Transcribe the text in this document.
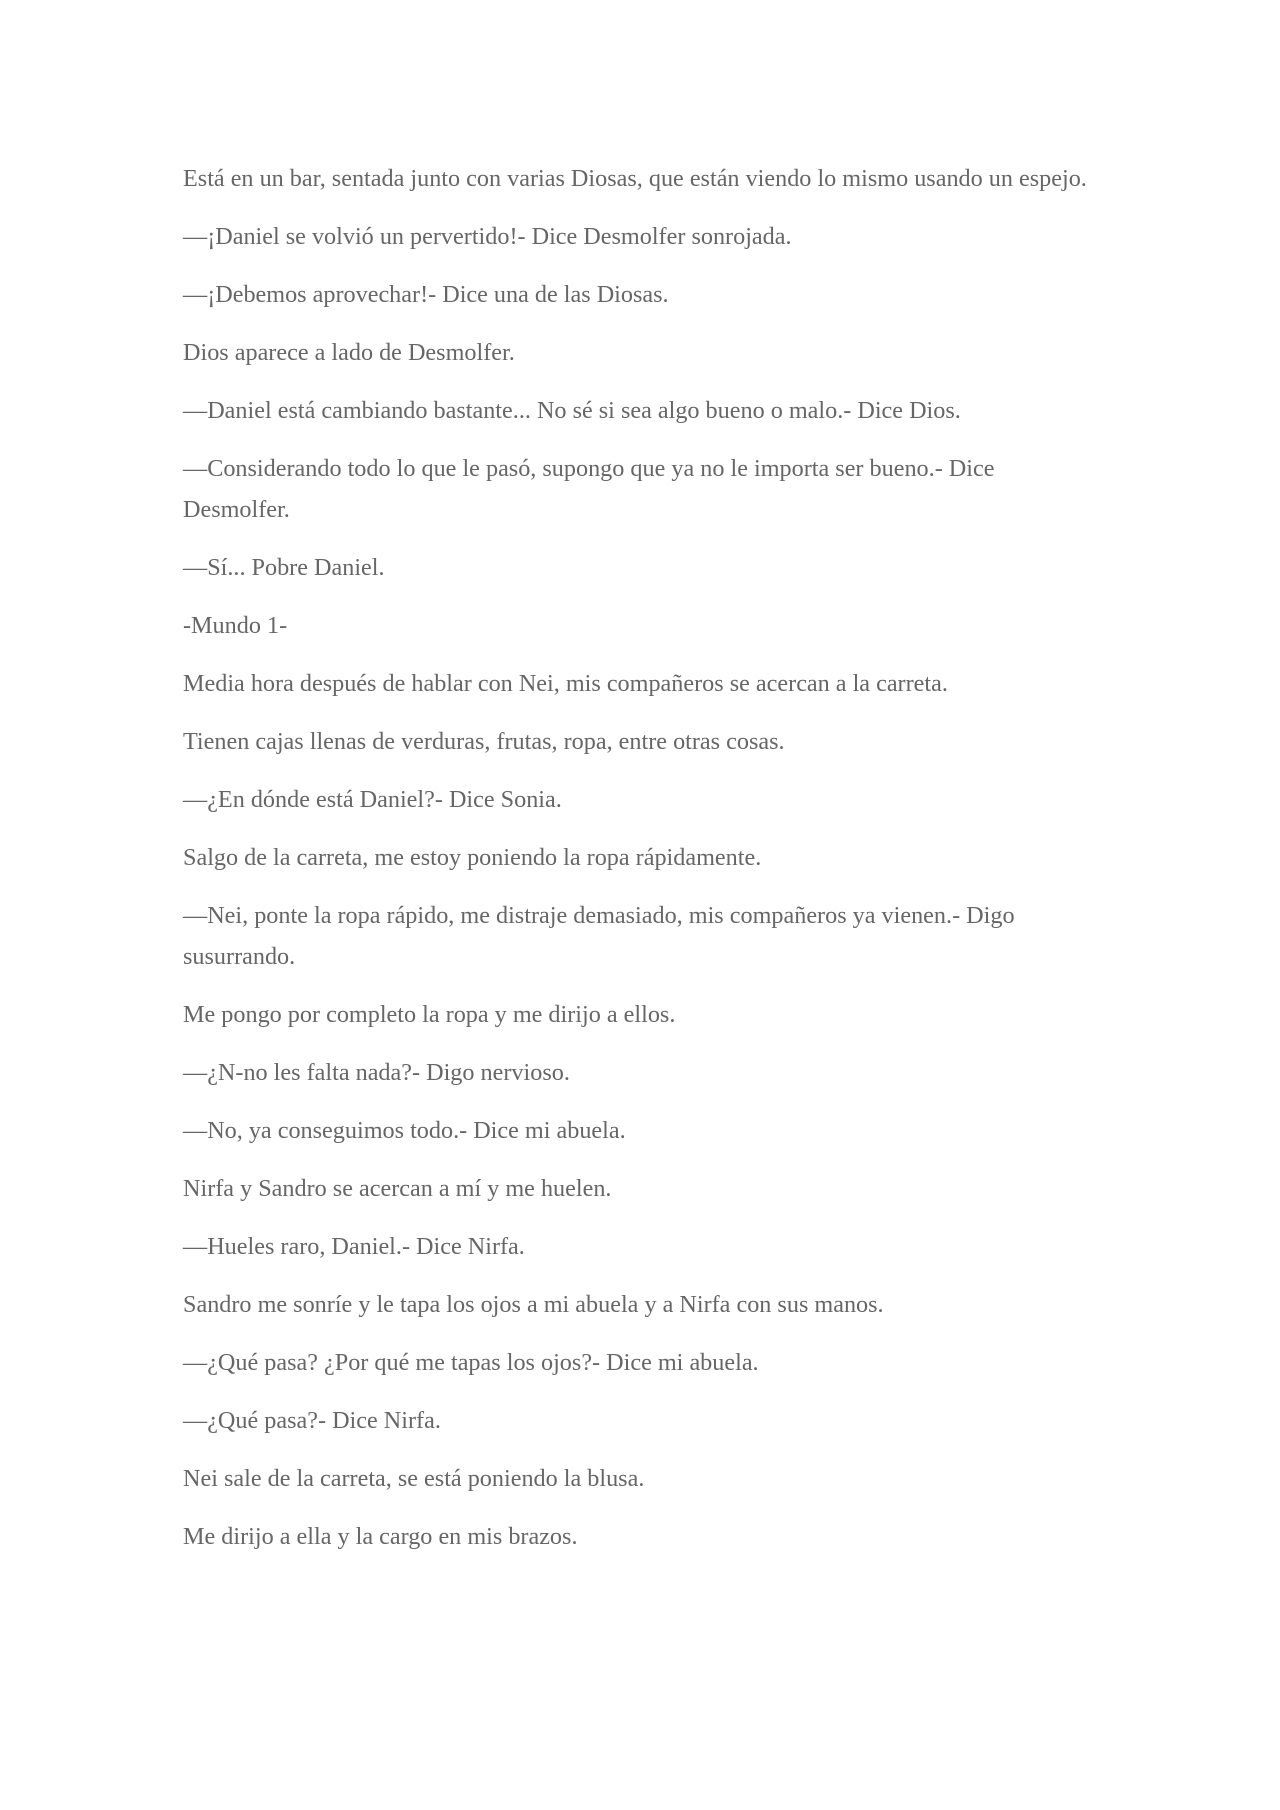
Está en un bar, sentada junto con varias Diosas, que están viendo lo mismo usando un espejo.

—¡Daniel se volvió un pervertido!- Dice Desmolfer sonrojada.

—¡Debemos aprovechar!- Dice una de las Diosas.

Dios aparece a lado de Desmolfer.

—Daniel está cambiando bastante... No sé si sea algo bueno o malo.- Dice Dios.

—Considerando todo lo que le pasó, supongo que ya no le importa ser bueno.- Dice Desmolfer.

—Sí... Pobre Daniel.

-Mundo 1-

Media hora después de hablar con Nei, mis compañeros se acercan a la carreta.

Tienen cajas llenas de verduras, frutas, ropa, entre otras cosas.

—¿En dónde está Daniel?- Dice Sonia.

Salgo de la carreta, me estoy poniendo la ropa rápidamente.

—Nei, ponte la ropa rápido, me distraje demasiado, mis compañeros ya vienen.- Digo susurrando.

Me pongo por completo la ropa y me dirijo a ellos.

—¿N-no les falta nada?- Digo nervioso.

—No, ya conseguimos todo.- Dice mi abuela.

Nirfa y Sandro se acercan a mí y me huelen.

—Hueles raro, Daniel.- Dice Nirfa.

Sandro me sonríe y le tapa los ojos a mi abuela y a Nirfa con sus manos.

—¿Qué pasa? ¿Por qué me tapas los ojos?- Dice mi abuela.

—¿Qué pasa?- Dice Nirfa.

Nei sale de la carreta, se está poniendo la blusa.

Me dirijo a ella y la cargo en mis brazos.
